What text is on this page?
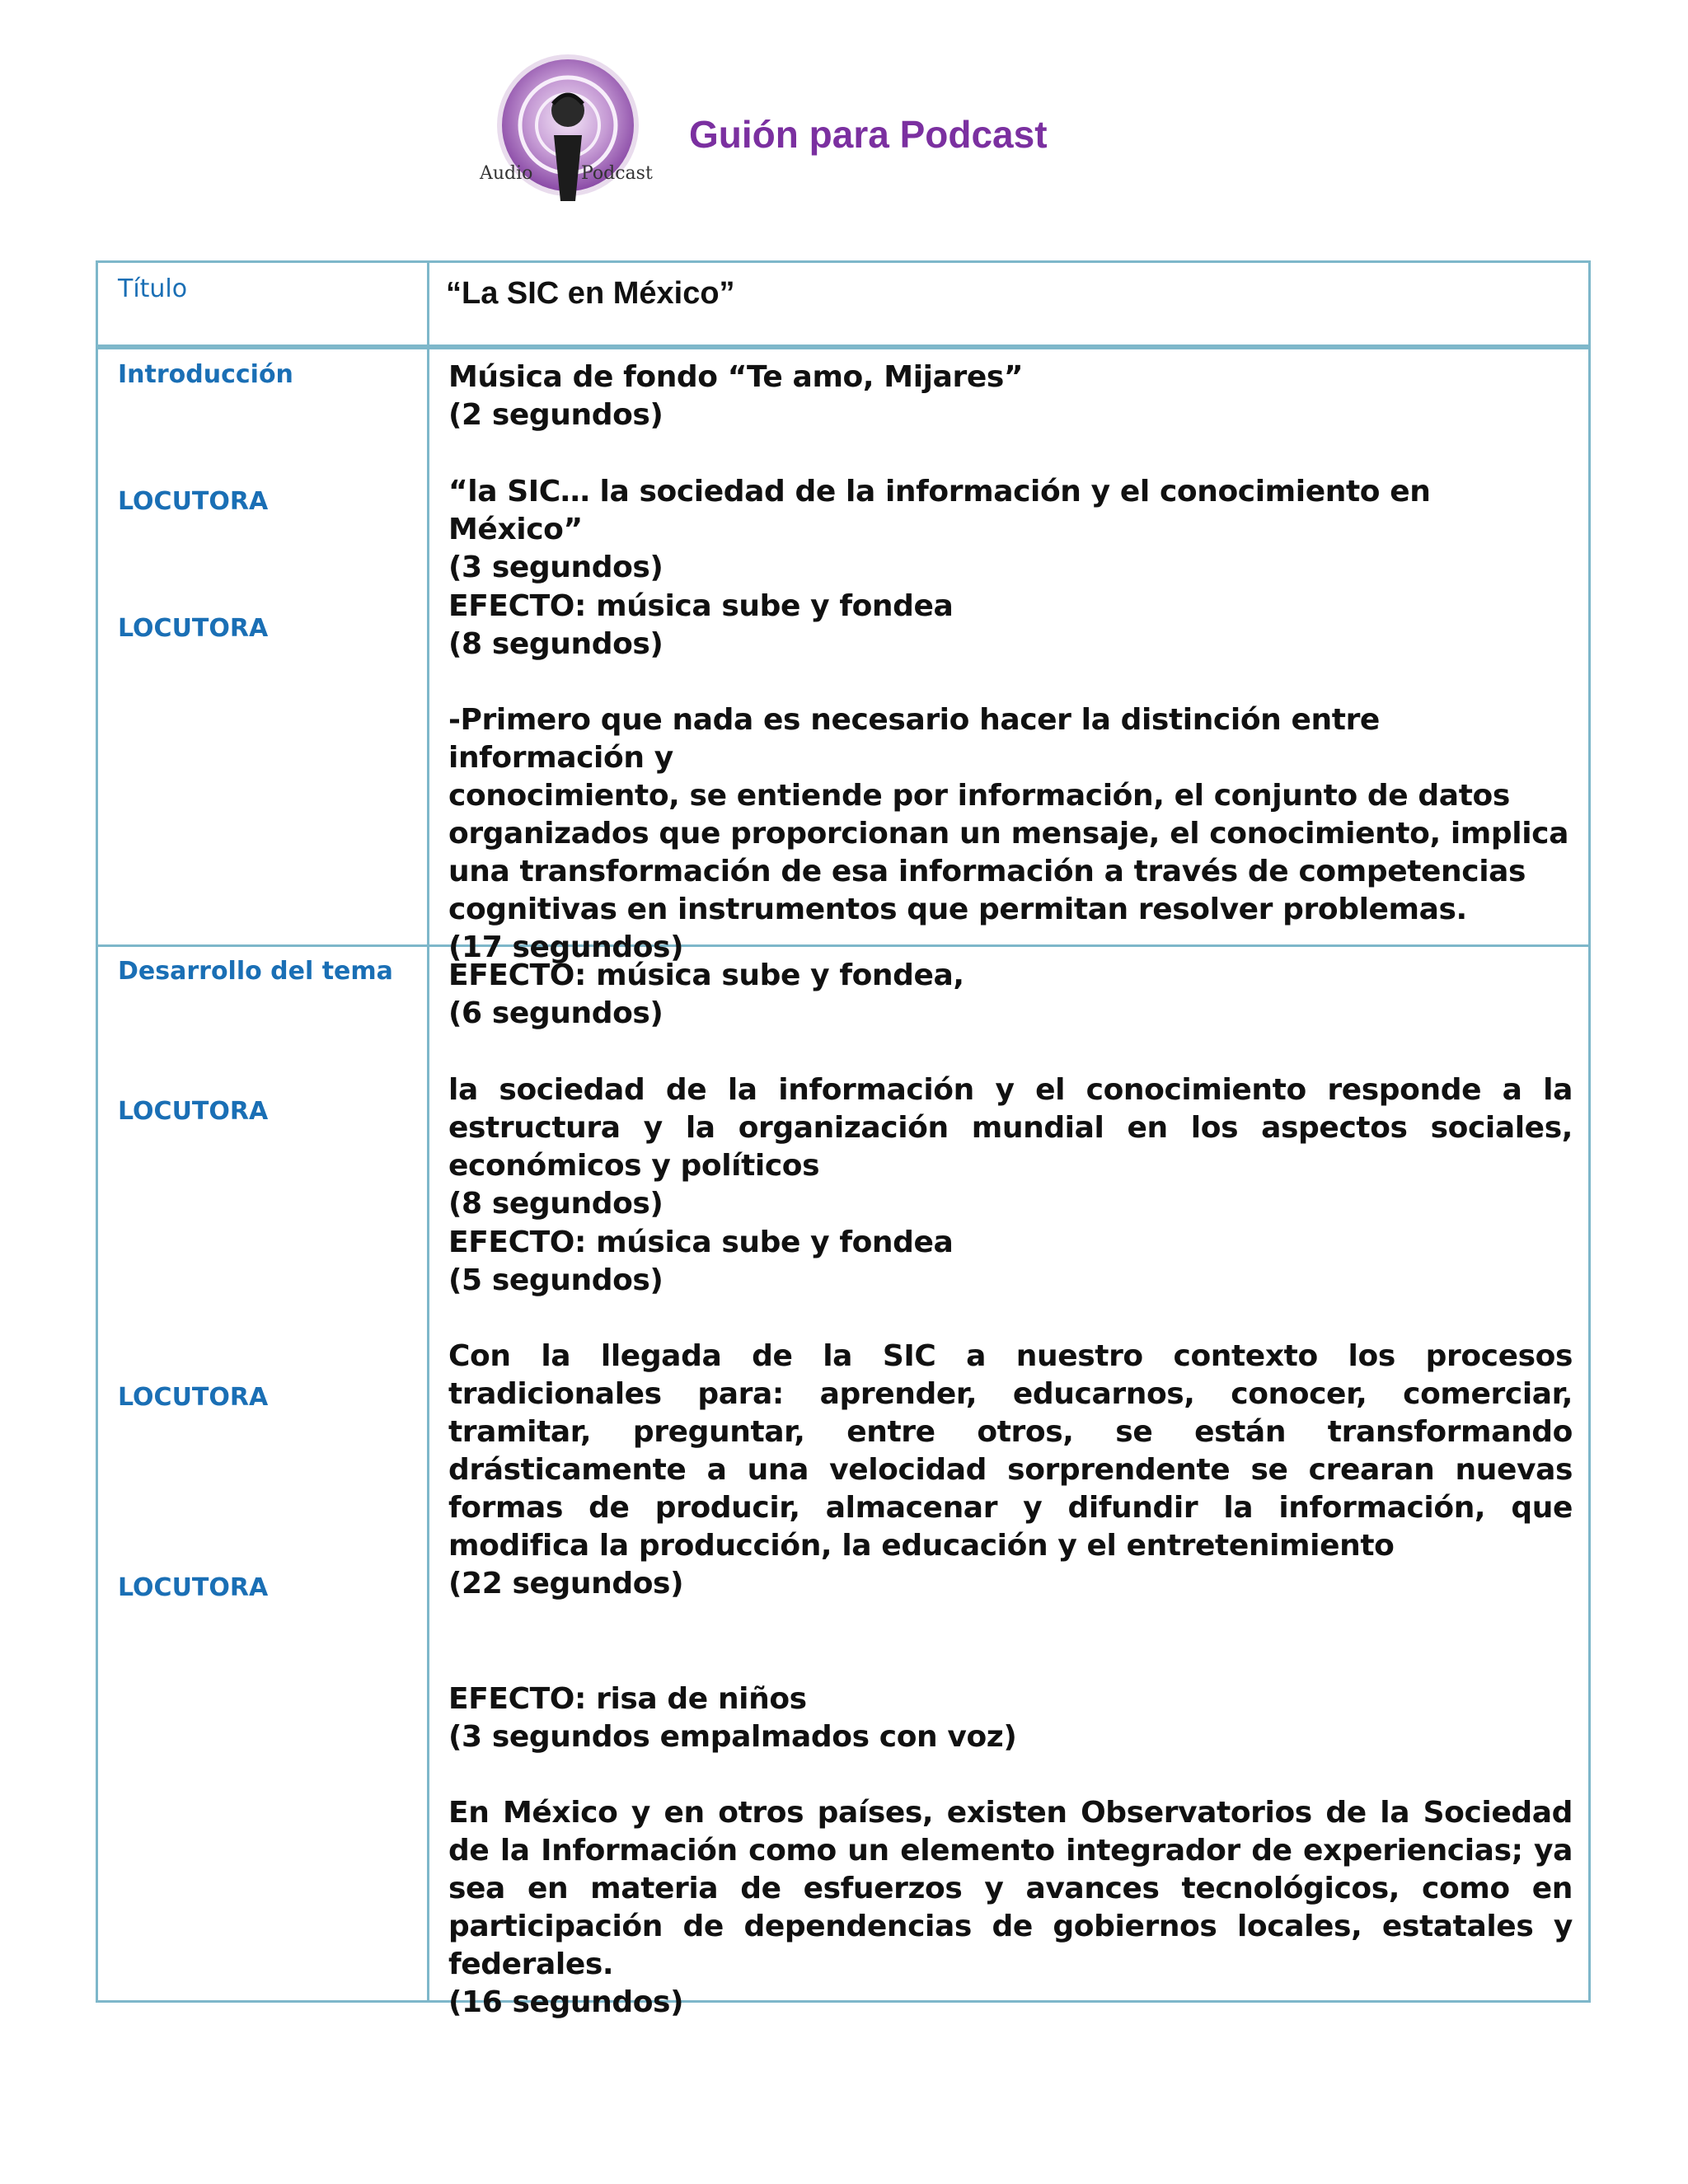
Audio	Podcast
Guión para Podcast
Título	“La SIC en México”
Introducción
LOCUTORA
LOCUTORA

Música de fondo “Te amo, Mijares”

(2 segundos)

“la SIC… la sociedad de la información y el conocimiento en México”

(3 segundos)

EFECTO: música sube y fondea

(8 segundos)

-Primero que nada es necesario hacer la distinción entre información y

conocimiento, se entiende por información, el conjunto de datos

organizados que proporcionan un mensaje, el conocimiento, implica

una transformación de esa información a través de competencias

cognitivas en instrumentos que permitan resolver problemas.

(17 segundos)

Desarrollo del tema
LOCUTORA
LOCUTORA
LOCUTORA

EFECTO: música sube y fondea,

(6 segundos)

la sociedad de la información y el conocimiento responde a la estructura y la organización mundial en los aspectos sociales, económicos y políticos

(8 segundos)

EFECTO: música sube y fondea

(5 segundos)

Con la llegada de la SIC a nuestro contexto los procesos tradicionales para: aprender, educarnos, conocer, comerciar, tramitar, preguntar, entre otros, se están transformando drásticamente a una velocidad sorprendente se crearan nuevas formas de producir, almacenar y difundir la información, que modifica la producción, la educación y el entretenimiento

(22 segundos)

EFECTO: risa de niños

(3 segundos empalmados con voz)

En México y en otros países, existen Observatorios de la Sociedad de la Información como un elemento integrador de experiencias; ya sea en materia de esfuerzos y avances tecnológicos, como en participación de dependencias de gobiernos locales, estatales y federales.

(16 segundos)
